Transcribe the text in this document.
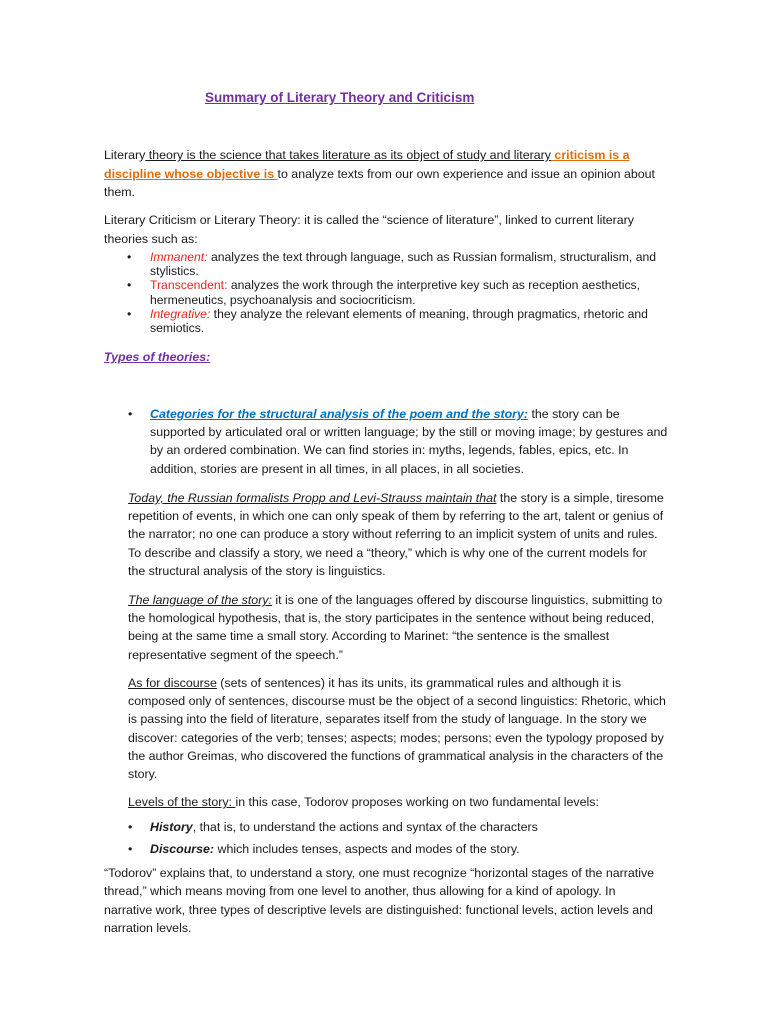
Summary of Literary Theory and Criticism

Literary theory is the science that takes literature as its object of study and literary criticism is a discipline whose objective is to analyze texts from our own experience and issue an opinion about them.

Literary Criticism or Literary Theory: it is called the “science of literature”, linked to current literary theories such as:

• Immanent: analyzes the text through language, such as Russian formalism, structuralism, and stylistics.
• Transcendent: analyzes the work through the interpretive key such as reception aesthetics, hermeneutics, psychoanalysis and sociocriticism.
• Integrative: they analyze the relevant elements of meaning, through pragmatics, rhetoric and semiotics.
Types of theories:
•	Categories for the structural analysis of the poem and the story: the story can be supported by articulated oral or written language; by the still or moving image; by gestures and by an ordered combination. We can find stories in: myths, legends, fables, epics, etc. In addition, stories are present in all times, in all places, in all societies.

Today, the Russian formalists Propp and Levi-Strauss maintain that the story is a simple, tiresome repetition of events, in which one can only speak of them by referring to the art, talent or genius of the narrator; no one can produce a story without referring to an implicit system of units and rules. To describe and classify a story, we need a “theory,” which is why one of the current models for the structural analysis of the story is linguistics.

The language of the story: it is one of the languages offered by discourse linguistics, submitting to the homological hypothesis, that is, the story participates in the sentence without being reduced, being at the same time a small story. According to Marinet: “the sentence is the smallest representative segment of the speech.”

As for discourse (sets of sentences) it has its units, its grammatical rules and although it is composed only of sentences, discourse must be the object of a second linguistics: Rhetoric, which is passing into the field of literature, separates itself from the study of language. In the story we discover: categories of the verb; tenses; aspects; modes; persons; even the typology proposed by the author Greimas, who discovered the functions of grammatical analysis in the characters of the story.

Levels of the story: in this case, Todorov proposes working on two fundamental levels:

• History, that is, to understand the actions and syntax of the characters
• Discourse: which includes tenses, aspects and modes of the story.

“Todorov” explains that, to understand a story, one must recognize “horizontal stages of the narrative thread,” which means moving from one level to another, thus allowing for a kind of apology. In narrative work, three types of descriptive levels are distinguished: functional levels, action levels and narration levels.
